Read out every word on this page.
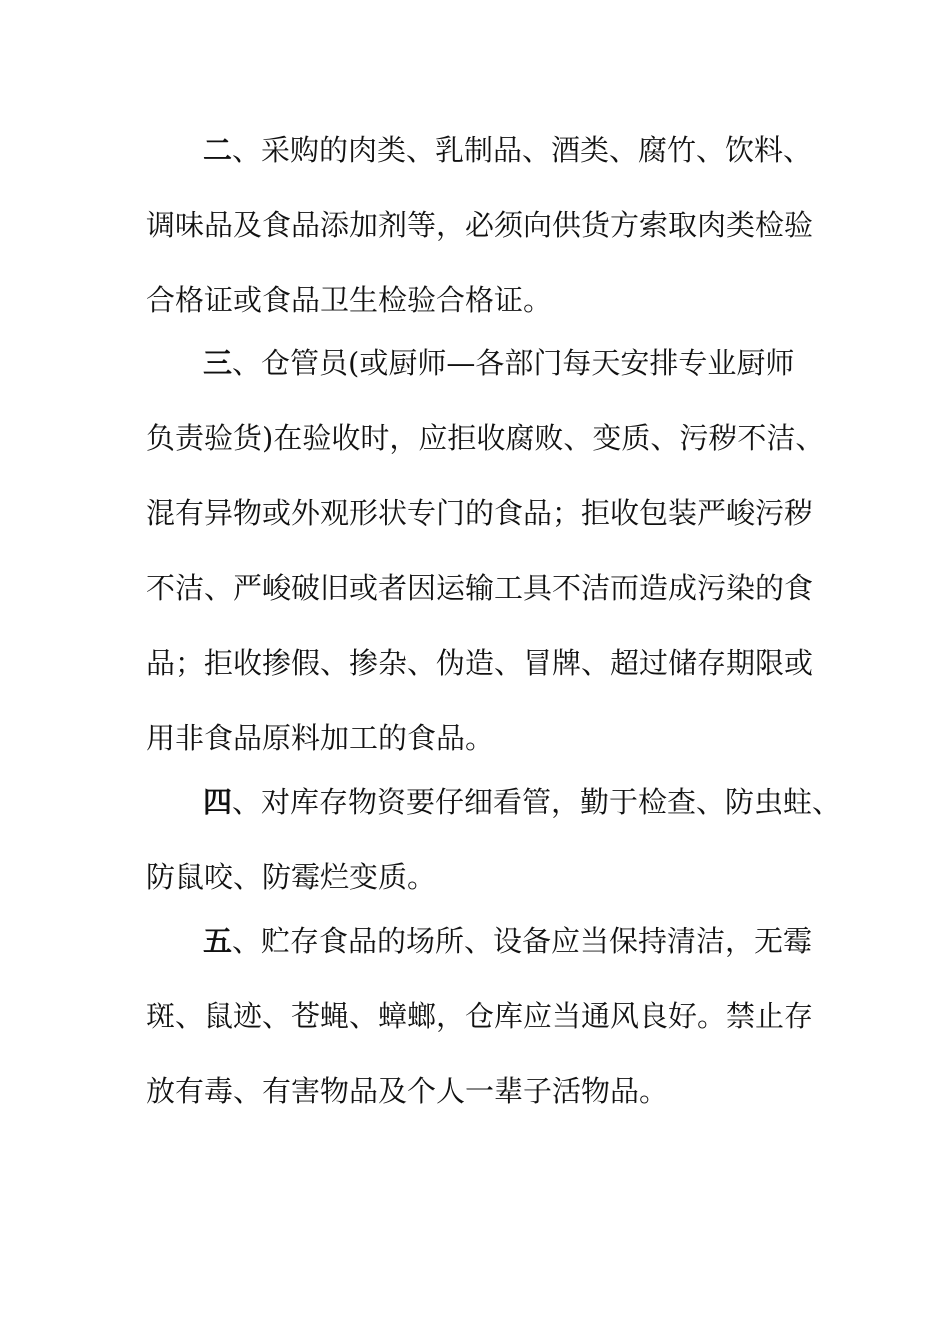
二、采购的肉类、乳制品、酒类、腐竹、饮料、
调味品及食品添加剂等，必须向供货方索取肉类检验
合格证或食品卫生检验合格证。
三、仓管员(或厨师—各部门每天安排专业厨师
负责验货)在验收时，应拒收腐败、变质、污秽不洁、
混有异物或外观形状专门的食品；拒收包装严峻污秽
不洁、严峻破旧或者因运输工具不洁而造成污染的食
品；拒收掺假、掺杂、伪造、冒牌、超过储存期限或
用非食品原料加工的食品。
四、对库存物资要仔细看管，勤于检查、防虫蛀、
防鼠咬、防霉烂变质。
五、贮存食品的场所、设备应当保持清洁，无霉
斑、鼠迹、苍蝇、蟑螂，仓库应当通风良好。禁止存
放有毒、有害物品及个人一辈子活物品。
